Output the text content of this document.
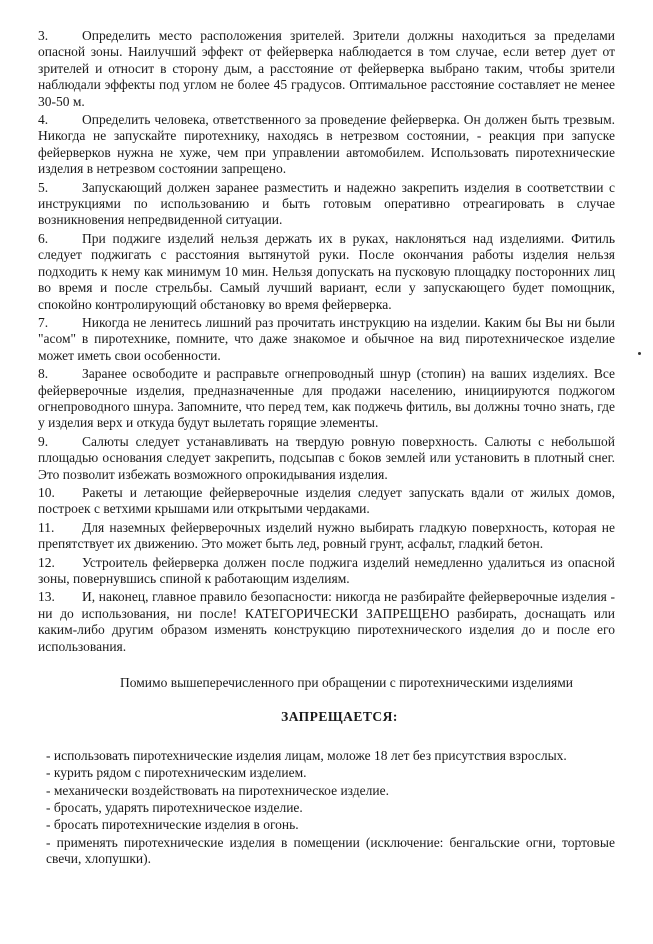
3.	Определить место расположения зрителей. Зрители должны находиться за пределами опасной зоны. Наилучший эффект от фейерверка наблюдается в том случае, если ветер дует от зрителей и относит в сторону дым, а расстояние от фейерверка выбрано таким, чтобы зрители наблюдали эффекты под углом не более 45 градусов. Оптимальное расстояние составляет не менее 30-50 м.

4.	Определить человека, ответственного за проведение фейерверка. Он должен быть трезвым. Никогда не запускайте пиротехнику, находясь в нетрезвом состоянии, - реакция при запуске фейерверков нужна не хуже, чем при управлении автомобилем. Использовать пиротехнические изделия в нетрезвом состоянии запрещено.

5.	Запускающий должен заранее разместить и надежно закрепить изделия в соответствии с инструкциями по использованию и быть готовым оперативно отреагировать в случае возникновения непредвиденной ситуации.

6.	При поджиге изделий нельзя держать их в руках, наклоняться над изделиями. Фитиль следует поджигать с расстояния вытянутой руки. После окончания работы изделия нельзя подходить к нему как минимум 10 мин. Нельзя допускать на пусковую площадку посторонних лиц во время и после стрельбы. Самый лучший вариант, если у запускающего будет помощник, спокойно контролирующий обстановку во время фейерверка.

7.	Никогда не ленитесь лишний раз прочитать инструкцию на изделии. Каким бы Вы ни были "асом" в пиротехнике, помните, что даже знакомое и обычное на вид пиротехническое изделие может иметь свои особенности.

8.	Заранее освободите и расправьте огнепроводный шнур (стопин) на ваших изделиях. Все фейерверочные изделия, предназначенные для продажи населению, инициируются поджогом огнепроводного шнура. Запомните, что перед тем, как поджечь фитиль, вы должны точно знать, где у изделия верх и откуда будут вылетать горящие элементы.

9.	Салюты следует устанавливать на твердую ровную поверхность. Салюты с небольшой площадью основания следует закрепить, подсыпав с боков землей или установить в плотный снег. Это позволит избежать возможного опрокидывания изделия.

10. Ракеты и летающие фейерверочные изделия следует запускать вдали от жилых домов, построек с ветхими крышами или открытыми чердаками.

11. Для наземных фейерверочных изделий нужно выбирать гладкую поверхность, которая не препятствует их движению. Это может быть лед, ровный грунт, асфальт, гладкий бетон.

12. Устроитель фейерверка должен после поджига изделий немедленно удалиться из опасной зоны, повернувшись спиной к работающим изделиям.

13. И, наконец, главное правило безопасности: никогда не разбирайте фейерверочные изделия - ни до использования, ни после! КАТЕГОРИЧЕСКИ ЗАПРЕЩЕНО разбирать, доснащать или каким-либо другим образом изменять конструкцию пиротехнического изделия до и после его использования.

Помимо вышеперечисленного при обращении с пиротехническими изделиями

ЗАПРЕЩАЕТСЯ:

- использовать пиротехнические изделия лицам, моложе 18 лет без присутствия взрослых.

- курить рядом с пиротехническим изделием.

- механически воздействовать на пиротехническое изделие.

- бросать, ударять пиротехническое изделие.

- бросать пиротехнические изделия в огонь.

- применять пиротехнические изделия в помещении (исключение: бенгальские огни, тортовые свечи, хлопушки).
